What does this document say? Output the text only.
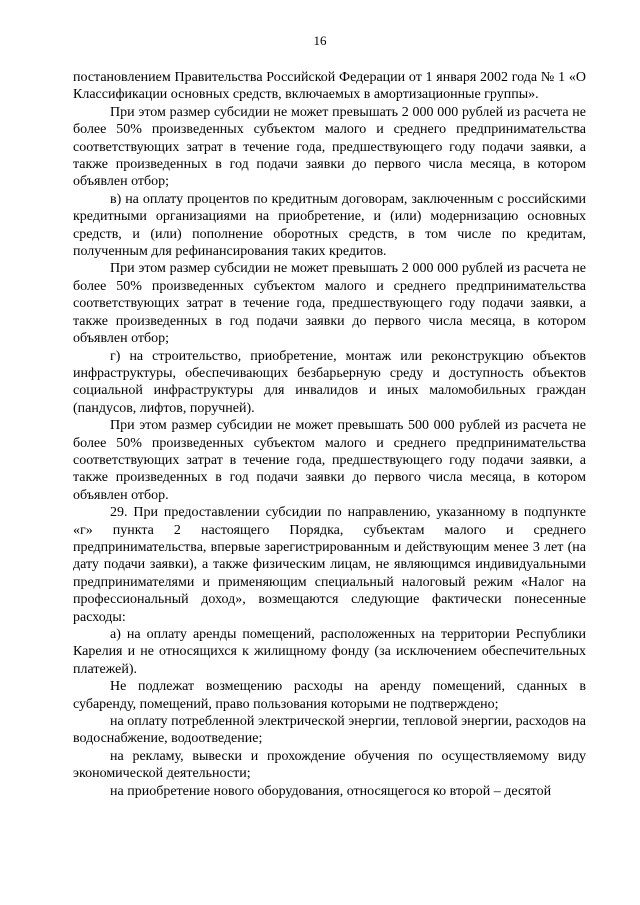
16

постановлением Правительства Российской Федерации от 1 января 2002 года № 1 «О Классификации основных средств, включаемых в амортизационные группы».

При этом размер субсидии не может превышать 2 000 000 рублей из расчета не более 50% произведенных субъектом малого и среднего предпринимательства соответствующих затрат в течение года, предшествующего году подачи заявки, а также произведенных в год подачи заявки до первого числа месяца, в котором объявлен отбор;

в) на оплату процентов по кредитным договорам, заключенным с российскими кредитными организациями на приобретение, и (или) модернизацию основных средств, и (или) пополнение оборотных средств, в том числе по кредитам, полученным для рефинансирования таких кредитов.

При этом размер субсидии не может превышать 2 000 000 рублей из расчета не более 50% произведенных субъектом малого и среднего предпринимательства соответствующих затрат в течение года, предшествующего году подачи заявки, а также произведенных в год подачи заявки до первого числа месяца, в котором объявлен отбор;

г) на строительство, приобретение, монтаж или реконструкцию объектов инфраструктуры, обеспечивающих безбарьерную среду и доступность объектов социальной инфраструктуры для инвалидов и иных маломобильных граждан (пандусов, лифтов, поручней).

При этом размер субсидии не может превышать 500 000 рублей из расчета не более 50% произведенных субъектом малого и среднего предпринимательства соответствующих затрат в течение года, предшествующего году подачи заявки, а также произведенных в год подачи заявки до первого числа месяца, в котором объявлен отбор.

29. При предоставлении субсидии по направлению, указанному в подпункте «г» пункта 2 настоящего Порядка, субъектам малого и среднего предпринимательства, впервые зарегистрированным и действующим менее 3 лет (на дату подачи заявки), а также физическим лицам, не являющимся индивидуальными предпринимателями и применяющим специальный налоговый режим «Налог на профессиональный доход», возмещаются следующие фактически понесенные расходы:

а) на оплату аренды помещений, расположенных на территории Республики Карелия и не относящихся к жилищному фонду (за исключением обеспечительных платежей).

Не подлежат возмещению расходы на аренду помещений, сданных в субаренду, помещений, право пользования которыми не подтверждено;

на оплату потребленной электрической энергии, тепловой энергии, расходов на водоснабжение, водоотведение;

на рекламу, вывески и прохождение обучения по осуществляемому виду экономической деятельности;

на приобретение нового оборудования, относящегося ко второй – десятой
